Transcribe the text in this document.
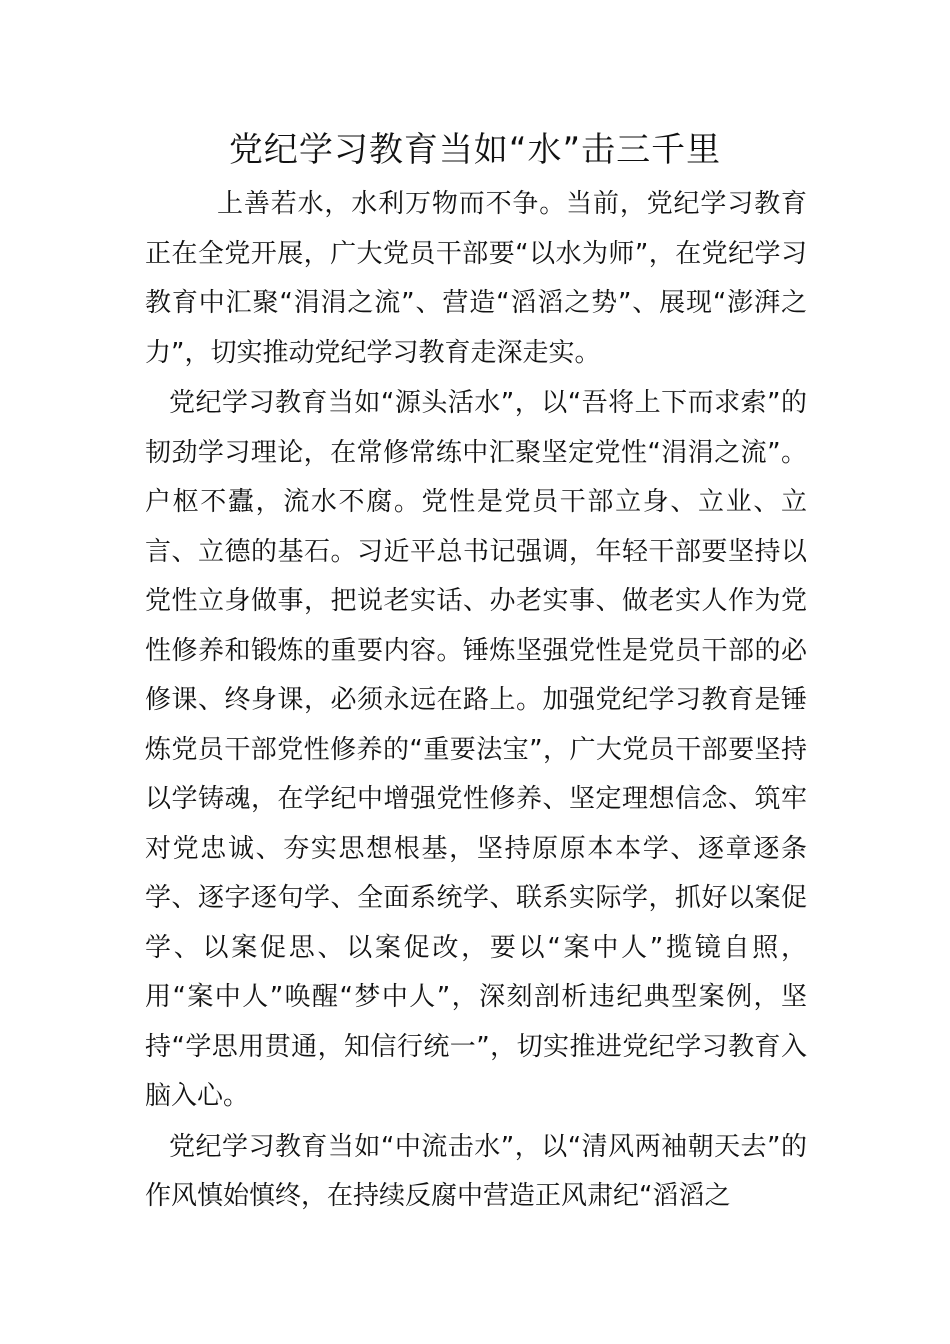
党纪学习教育当如“水”击三千里

上善若水，水利万物而不争。当前，党纪学习教育正在全党开展，广大党员干部要“以水为师”，在党纪学习教育中汇聚“涓涓之流”、营造“滔滔之势”、展现“澎湃之力”，切实推动党纪学习教育走深走实。

党纪学习教育当如“源头活水”，以“吾将上下而求索”的韧劲学习理论，在常修常练中汇聚坚定党性“涓涓之流”。户枢不蠹，流水不腐。党性是党员干部立身、立业、立言、立德的基石。习近平总书记强调，年轻干部要坚持以党性立身做事，把说老实话、办老实事、做老实人作为党性修养和锻炼的重要内容。锤炼坚强党性是党员干部的必修课、终身课，必须永远在路上。加强党纪学习教育是锤炼党员干部党性修养的“重要法宝”，广大党员干部要坚持以学铸魂，在学纪中增强党性修养、坚定理想信念、筑牢对党忠诚、夯实思想根基，坚持原原本本学、逐章逐条学、逐字逐句学、全面系统学、联系实际学，抓好以案促学、以案促思、以案促改，要以“案中人”揽镜自照，用“案中人”唤醒“梦中人”，深刻剖析违纪典型案例，坚持“学思用贯通，知信行统一”，切实推进党纪学习教育入脑入心。

党纪学习教育当如“中流击水”，以“清风两袖朝天去”的作风慎始慎终，在持续反腐中营造正风肃纪“滔滔之
